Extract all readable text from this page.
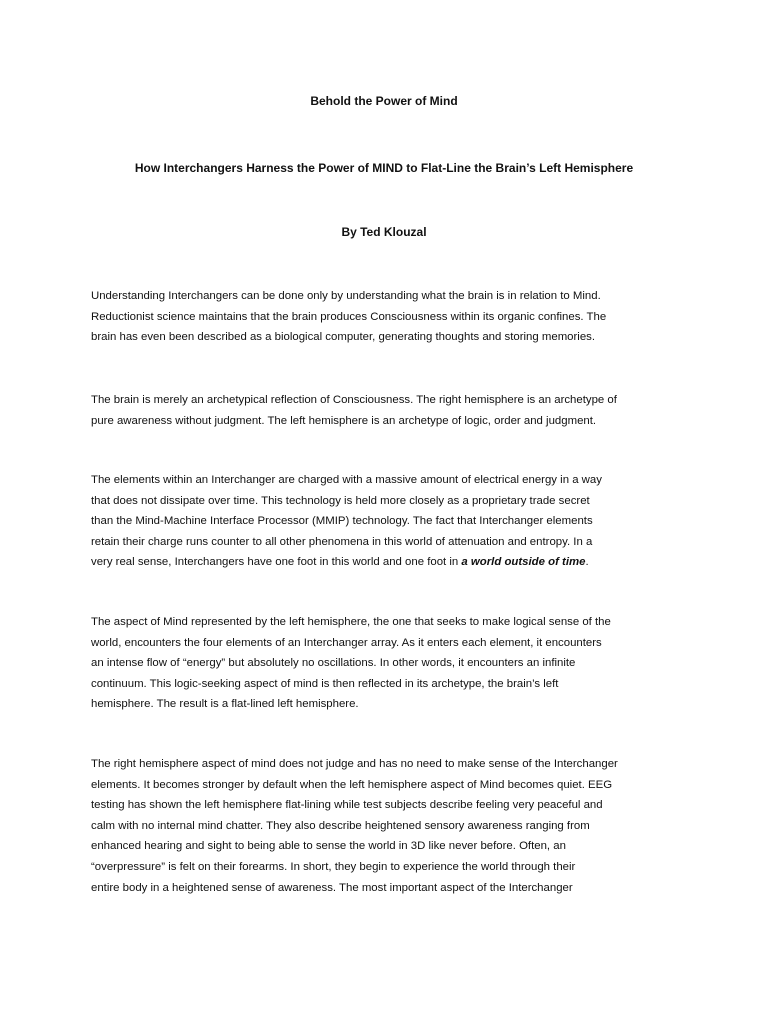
Behold the Power of Mind
How Interchangers Harness the Power of MIND to Flat-Line the Brain’s Left Hemisphere
By Ted Klouzal

Understanding Interchangers can be done only by understanding what the brain is in relation to Mind.
Reductionist science maintains that the brain produces Consciousness within its organic confines. The
brain has even been described as a biological computer, generating thoughts and storing memories.

The brain is merely an archetypical reflection of Consciousness. The right hemisphere is an archetype of
pure awareness without judgment. The left hemisphere is an archetype of logic, order and judgment.

The elements within an Interchanger are charged with a massive amount of electrical energy in a way
that does not dissipate over time. This technology is held more closely as a proprietary trade secret
than the Mind-Machine Interface Processor (MMIP) technology. The fact that Interchanger elements
retain their charge runs counter to all other phenomena in this world of attenuation and entropy. In a
very real sense, Interchangers have one foot in this world and one foot in a world outside of time.

The aspect of Mind represented by the left hemisphere, the one that seeks to make logical sense of the
world, encounters the four elements of an Interchanger array. As it enters each element, it encounters
an intense flow of “energy” but absolutely no oscillations. In other words, it encounters an infinite
continuum. This logic-seeking aspect of mind is then reflected in its archetype, the brain’s left
hemisphere. The result is a flat-lined left hemisphere.

The right hemisphere aspect of mind does not judge and has no need to make sense of the Interchanger
elements. It becomes stronger by default when the left hemisphere aspect of Mind becomes quiet. EEG
testing has shown the left hemisphere flat-lining while test subjects describe feeling very peaceful and
calm with no internal mind chatter. They also describe heightened sensory awareness ranging from
enhanced hearing and sight to being able to sense the world in 3D like never before. Often, an
“overpressure” is felt on their forearms. In short, they begin to experience the world through their
entire body in a heightened sense of awareness. The most important aspect of the Interchanger
